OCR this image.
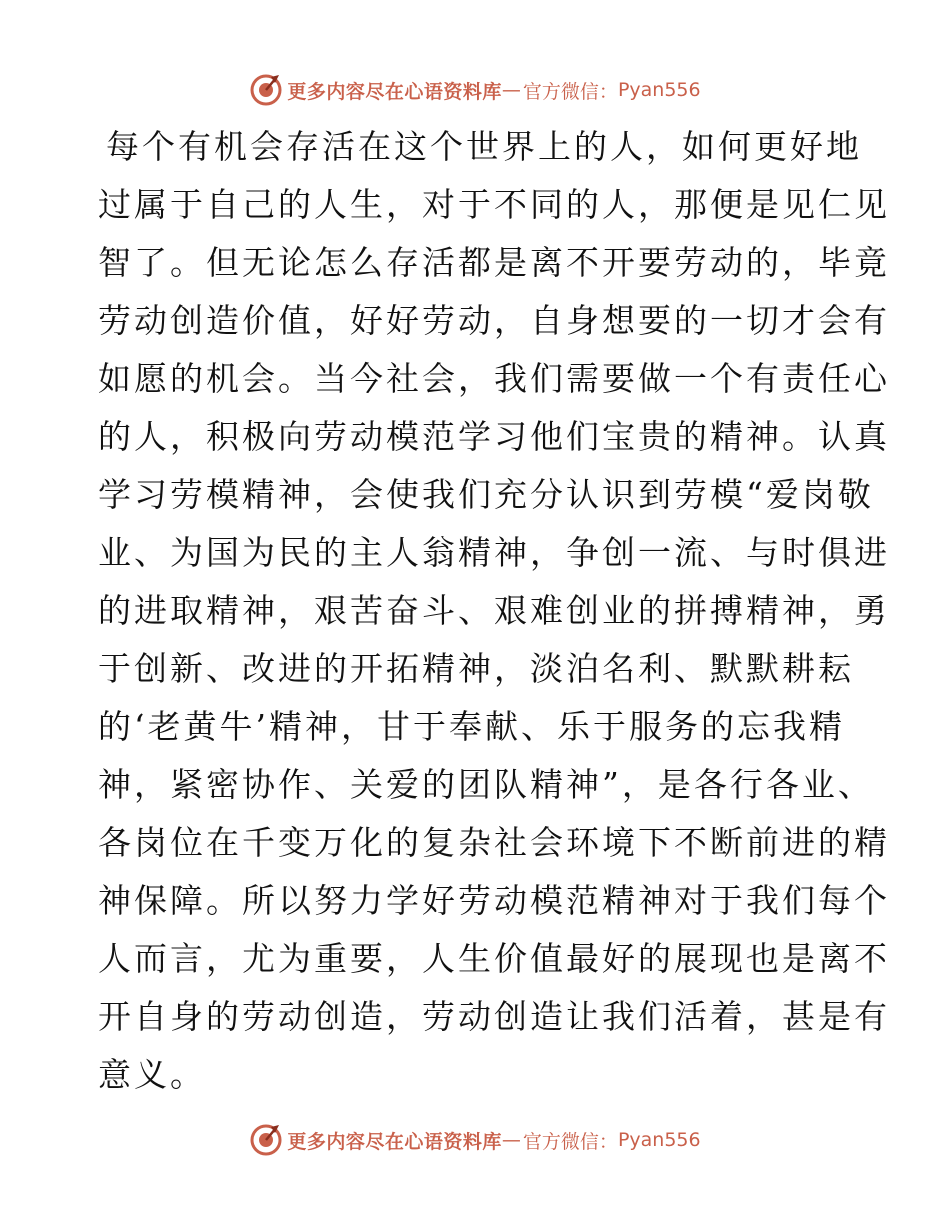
更多内容尽在心语资料库 — 官方微信： Pyan556
每个有机会存活在这个世界上的人，如何更好地
过属于自己的人生，对于不同的人，那便是见仁见
智了。但无论怎么存活都是离不开要劳动的，毕竟
劳动创造价值，好好劳动，自身想要的一切才会有
如愿的机会。当今社会，我们需要做一个有责任心
的人，积极向劳动模范学习他们宝贵的精神。认真
学习劳模精神，会使我们充分认识到劳模“爱岗敬
业、为国为民的主人翁精神，争创一流、与时俱进
的进取精神，艰苦奋斗、艰难创业的拼搏精神，勇
于创新、改进的开拓精神，淡泊名利、默默耕耘
的‘老黄牛’精神，甘于奉献、乐于服务的忘我精
神，紧密协作、关爱的团队精神”，是各行各业、
各岗位在千变万化的复杂社会环境下不断前进的精
神保障。所以努力学好劳动模范精神对于我们每个
人而言，尤为重要，人生价值最好的展现也是离不
开自身的劳动创造，劳动创造让我们活着，甚是有
意义。
更多内容尽在心语资料库 — 官方微信： Pyan556
